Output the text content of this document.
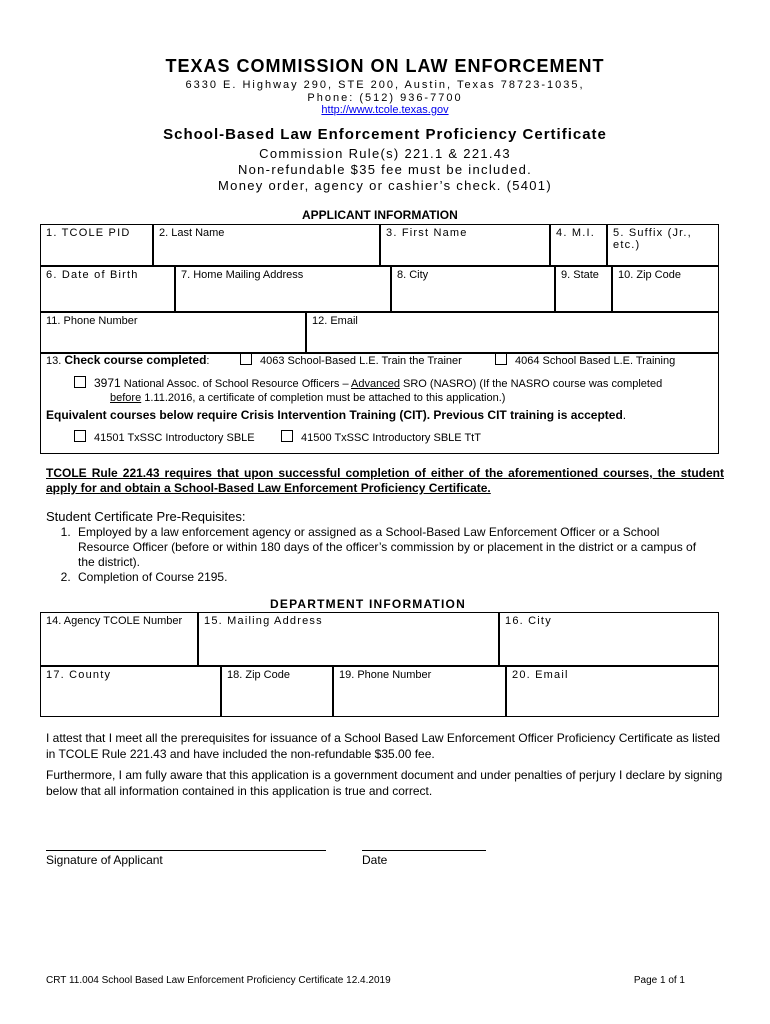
TEXAS COMMISSION ON LAW ENFORCEMENT
6330 E. Highway 290, STE 200, Austin, Texas 78723-1035,
Phone: (512) 936-7700
http://www.tcole.texas.gov
School-Based Law Enforcement Proficiency Certificate
Commission Rule(s) 221.1 & 221.43
Non-refundable $35 fee must be included.
Money order, agency or cashier’s check. (5401)
APPLICANT INFORMATION
1. TCOLE PID	2. Last Name	3. First Name	4. M.I.	5. Suffix (Jr., etc.)
6. Date of Birth	7. Home Mailing Address	8. City	9. State	10. Zip Code
11. Phone Number	12. Email
13. Check course completed:	4063 School-Based L.E. Train the Trainer	4064 School Based L.E. Training
3971 National Assoc. of School Resource Officers – Advanced SRO (NASRO) (If the NASRO course was completed
before 1.11.2016, a certificate of completion must be attached to this application.)
Equivalent courses below require Crisis Intervention Training (CIT). Previous CIT training is accepted.
41501 TxSSC Introductory SBLE	41500 TxSSC Introductory SBLE TtT
TCOLE Rule 221.43 requires that upon successful completion of either of the aforementioned courses, the student apply for and obtain a School-Based Law Enforcement Proficiency Certificate.
Student Certificate Pre-Requisites:
1. Employed by a law enforcement agency or assigned as a School-Based Law Enforcement Officer or a School Resource Officer (before or within 180 days of the officer’s commission by or placement in the district or a campus of the district).
2. Completion of Course 2195.
DEPARTMENT INFORMATION
14. Agency TCOLE Number	15. Mailing Address	16. City
17. County	18. Zip Code	19. Phone Number	20. Email
I attest that I meet all the prerequisites for issuance of a School Based Law Enforcement Officer Proficiency Certificate as listed in TCOLE Rule 221.43 and have included the non-refundable $35.00 fee.
Furthermore, I am fully aware that this application is a government document and under penalties of perjury I declare by signing below that all information contained in this application is true and correct.
Signature of Applicant	Date
CRT 11.004 School Based Law Enforcement Proficiency Certificate 12.4.2019	Page 1 of 1
